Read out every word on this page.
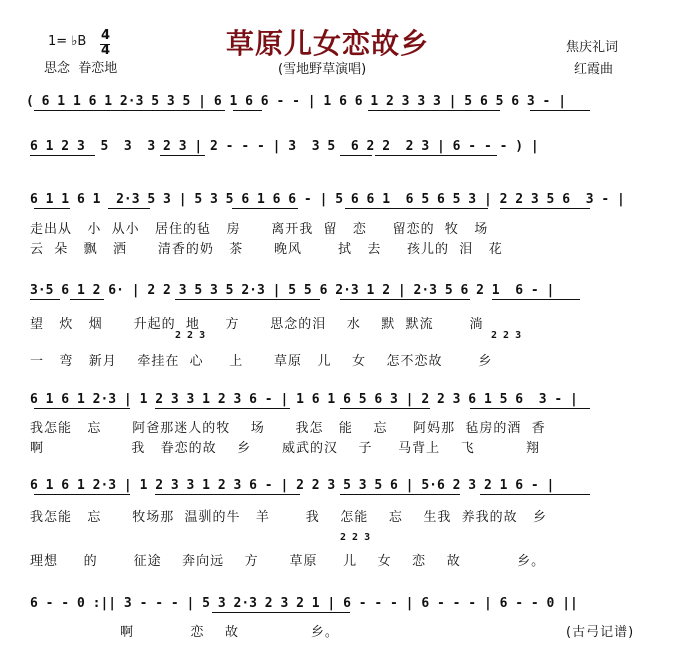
1= ♭B 4
4
思念  眷恋地
草原儿女恋故乡
(雪地野草演唱)
焦庆礼词
红霞曲
( 6 1 1 6 1 2·3 5 3 5 | 6 1 6 6 - - | 1 6 6 1 2 3 3 3 | 5 6 5 6 3 - |
6 1 2 3  5  3  3 2 3 | 2 - - - | 3  3 5  6 2 2  2 3 | 6 - - - ) |
6 1 1 6 1  2·3 5 3 | 5 3 5 6 1 6 6 - | 5 6 6 1  6 5 6 5 3 | 2 2 3 5 6  3 - |
走出从   小  从小   居住的毡   房      离开我  留   恋     留恋的  牧   场
云  朵   飘   洒      清香的奶   茶      晚风       拭   去     孩儿的  泪   花
3·5 6 1 2 6· | 2 2 3 5 3 5 2·3 | 5 5 6 2·3 1 2 | 2·3 5 6 2 1  6 - |
望   炊   烟      升起的  地     方      思念的泪    水    默  默流       淌
2 2 3	2 2 3
一   弯   新月    牵挂在  心     上      草原   儿    女    怎不恋故       乡
6 1 6 1 2·3 | 1 2 3 3 1 2 3 6 - | 1 6 1 6 5 6 3 | 2 2 3 6 1 5 6  3 - |
我怎能   忘      阿爸那迷人的牧    场      我怎   能    忘     阿妈那  毡房的酒  香
啊                 我   眷恋的故    乡      威武的汉    子     马背上    飞          翔
6 1 6 1 2·3 | 1 2 3 3 1 2 3 6 - | 2 2 3 5 3 5 6 | 5·6 2 3 2 1 6 - |
我怎能   忘      牧场那  温驯的牛   羊       我    怎能    忘    生我  养我的故   乡
2 2 3
理想     的       征途    奔向远    方      草原     儿    女    恋    故           乡。
6 - - 0 :|| 3 - - - | 5 3 2·3 2 3 2 1 | 6 - - - | 6 - - - | 6 - - 0 ||
啊           恋    故              乡。	(古弓记谱)
